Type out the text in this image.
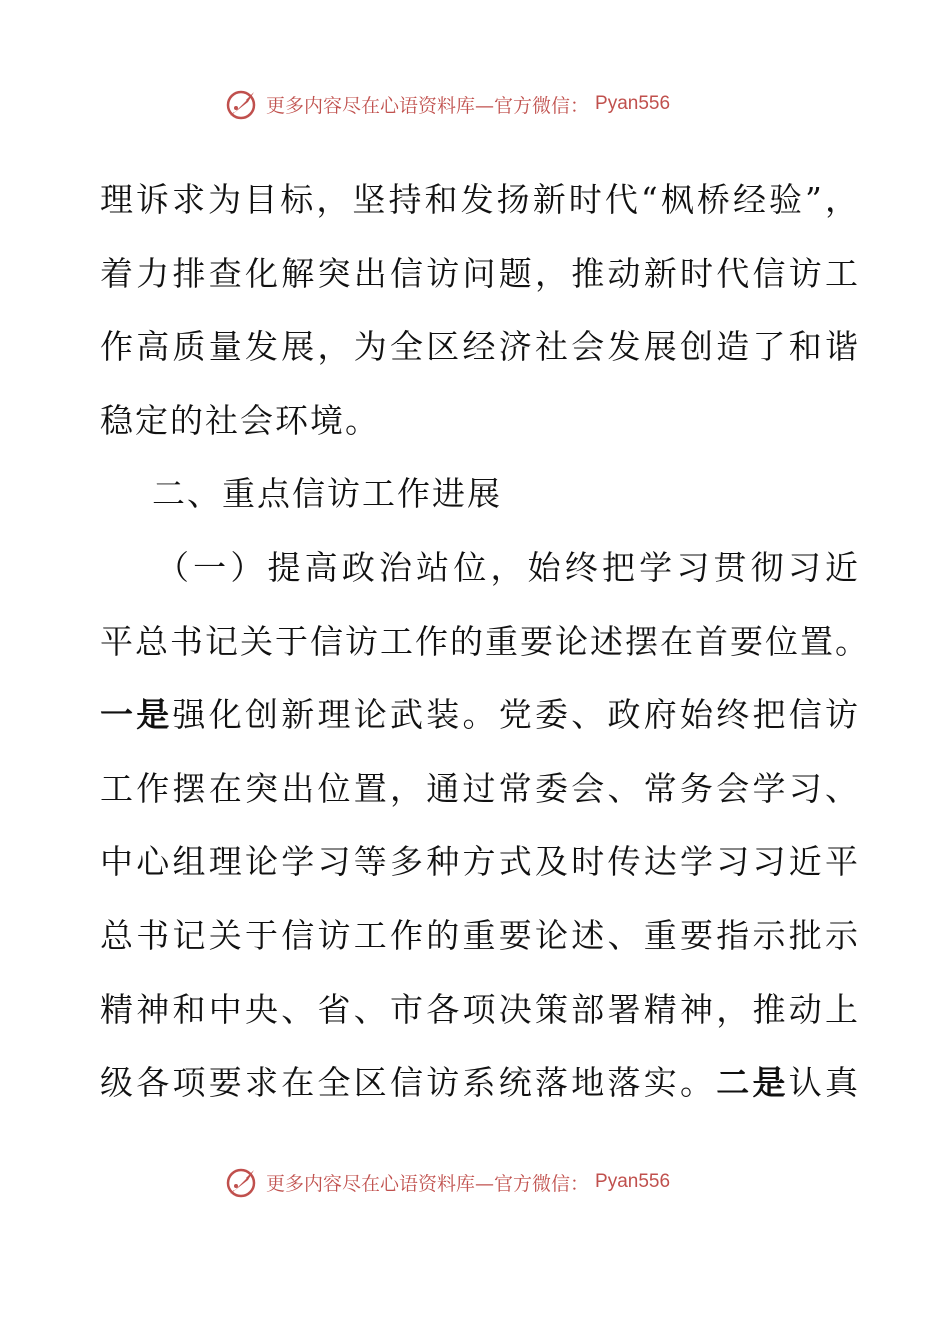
更多内容尽在心语资料库—官方微信： Pyan556
理诉求为目标，坚持和发扬新时代“枫桥经验”，
着力排查化解突出信访问题，推动新时代信访工
作高质量发展，为全区经济社会发展创造了和谐
稳定的社会环境。
二、重点信访工作进展
（一）提高政治站位，始终把学习贯彻习近
平总书记关于信访工作的重要论述摆在首要位置。
一是强化创新理论武装。党委、政府始终把信访
工作摆在突出位置，通过常委会、常务会学习、
中心组理论学习等多种方式及时传达学习习近平
总书记关于信访工作的重要论述、重要指示批示
精神和中央、省、市各项决策部署精神，推动上
级各项要求在全区信访系统落地落实。二是认真
更多内容尽在心语资料库—官方微信： Pyan556
